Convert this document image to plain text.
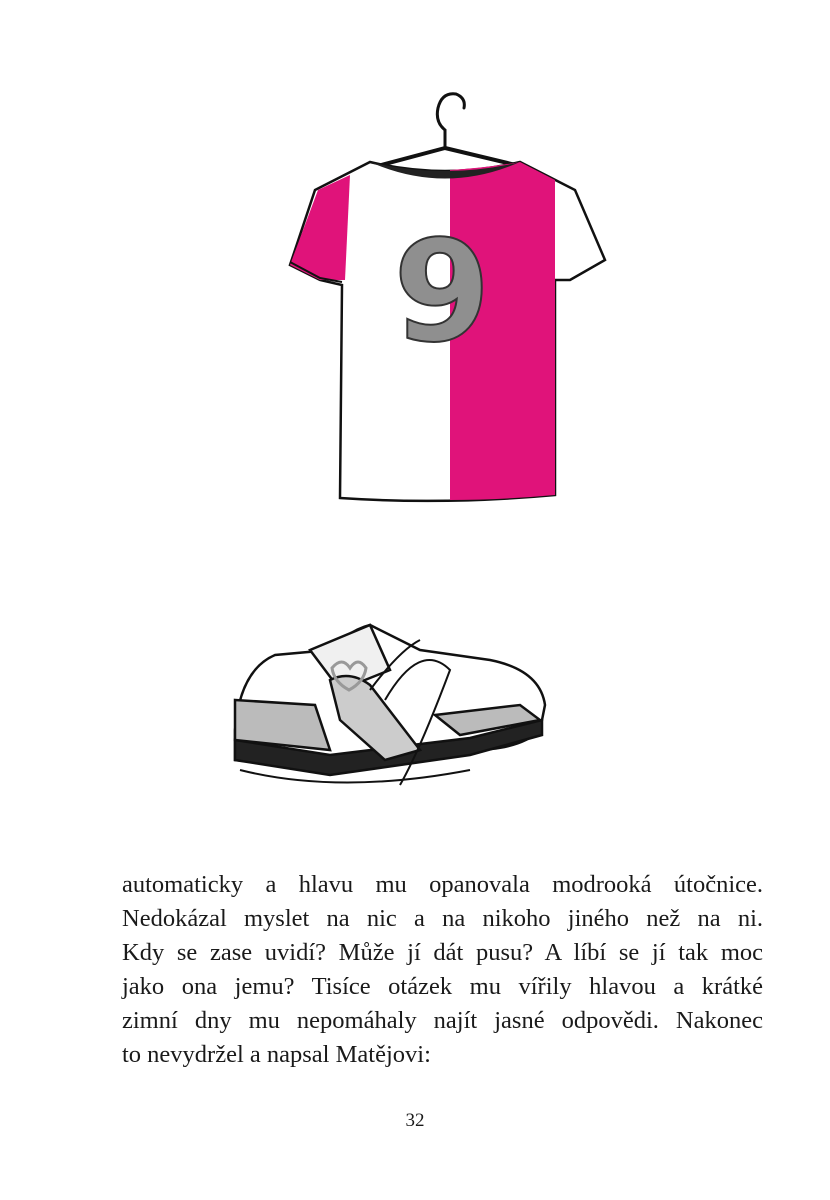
9
automaticky a hlavu mu opanovala modrooká útočnice.
Nedokázal myslet na nic a na nikoho jiného než na ni.
Kdy se zase uvidí? Může jí dát pusu? A líbí se jí tak moc
jako ona jemu? Tisíce otázek mu vířily hlavou a krátké
zimní dny mu nepomáhaly najít jasné odpovědi. Nakonec
to nevydržel a napsal Matějovi:
32
